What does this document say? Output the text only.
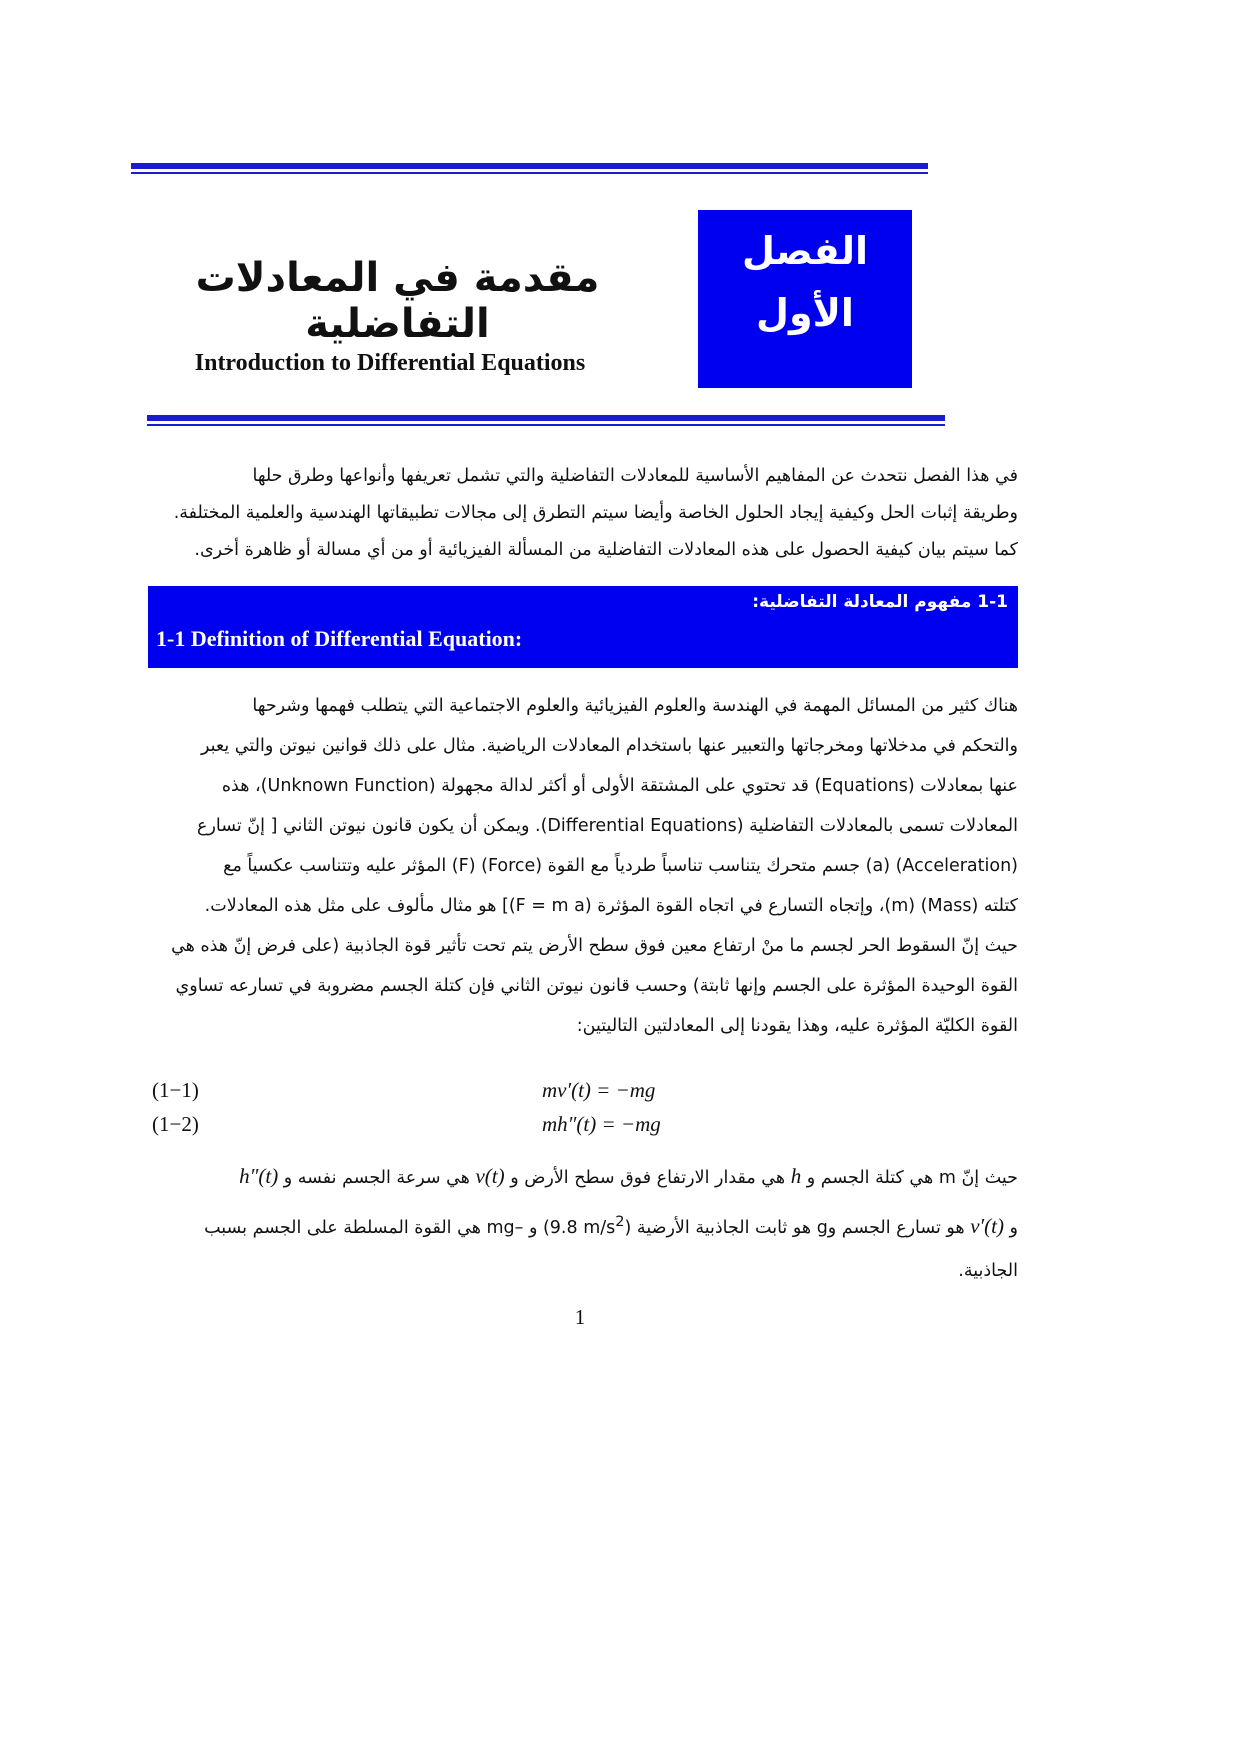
الفصل
الأول
مقدمة في المعادلات التفاضلية
Introduction to Differential Equations
في هذا الفصل نتحدث عن المفاهيم الأساسية للمعادلات التفاضلية والتي تشمل تعريفها وأنواعها وطرق حلها
وطريقة إثبات الحل وكيفية إيجاد الحلول الخاصة وأيضا سيتم التطرق إلى مجالات تطبيقاتها الهندسية والعلمية المختلفة.
كما سيتم بيان كيفية الحصول على هذه المعادلات التفاضلية من المسألة الفيزيائية أو من أي مسالة أو ظاهرة أخرى.
1-1 مفهوم المعادلة التفاضلية:
1-1 Definition of Differential Equation:
هناك كثير من المسائل المهمة في الهندسة والعلوم الفيزيائية والعلوم الاجتماعية التي يتطلب فهمها وشرحها
والتحكم في مدخلاتها ومخرجاتها والتعبير عنها باستخدام المعادلات الرياضية. مثال على ذلك قوانين نيوتن والتي يعبر
عنها بمعادلات (Equations) قد تحتوي على المشتقة الأولى أو أكثر لدالة مجهولة (Unknown Function)، هذه
المعادلات تسمى بالمعادلات التفاضلية (Differential Equations). ويمكن أن يكون قانون نيوتن الثاني [ إنّ تسارع
(Acceleration) (a) جسم متحرك يتناسب تناسباً طردياً مع القوة (Force) (F) المؤثر عليه وتتناسب عكسياً مع
كتلته (Mass) (m)، وإتجاه التسارع في اتجاه القوة المؤثرة (F = m a)] هو مثال مألوف على مثل هذه المعادلات.
حيث إنّ السقوط الحر لجسم ما منْ ارتفاع معين فوق سطح الأرض يتم تحت تأثير قوة الجاذبية (على فرض إنّ هذه هي
القوة الوحيدة المؤثرة على الجسم وإنها ثابتة) وحسب قانون نيوتن الثاني فإن كتلة الجسم مضروبة في تسارعه تساوي
القوة الكليّة المؤثرة عليه، وهذا يقودنا إلى المعادلتين التاليتين:
(1−1)	mv′(t) = −mg
(1−2)	mh″(t) = −mg
حيث إنّ m هي كتلة الجسم و h هي مقدار الارتفاع فوق سطح الأرض و v(t) هي سرعة الجسم نفسه و h″(t)
و v′(t) هو تسارع الجسم وg هو ثابت الجاذبية الأرضية (9.8 $m/s^2$) و –mg هي القوة المسلطة على الجسم بسبب
الجاذبية.
1
